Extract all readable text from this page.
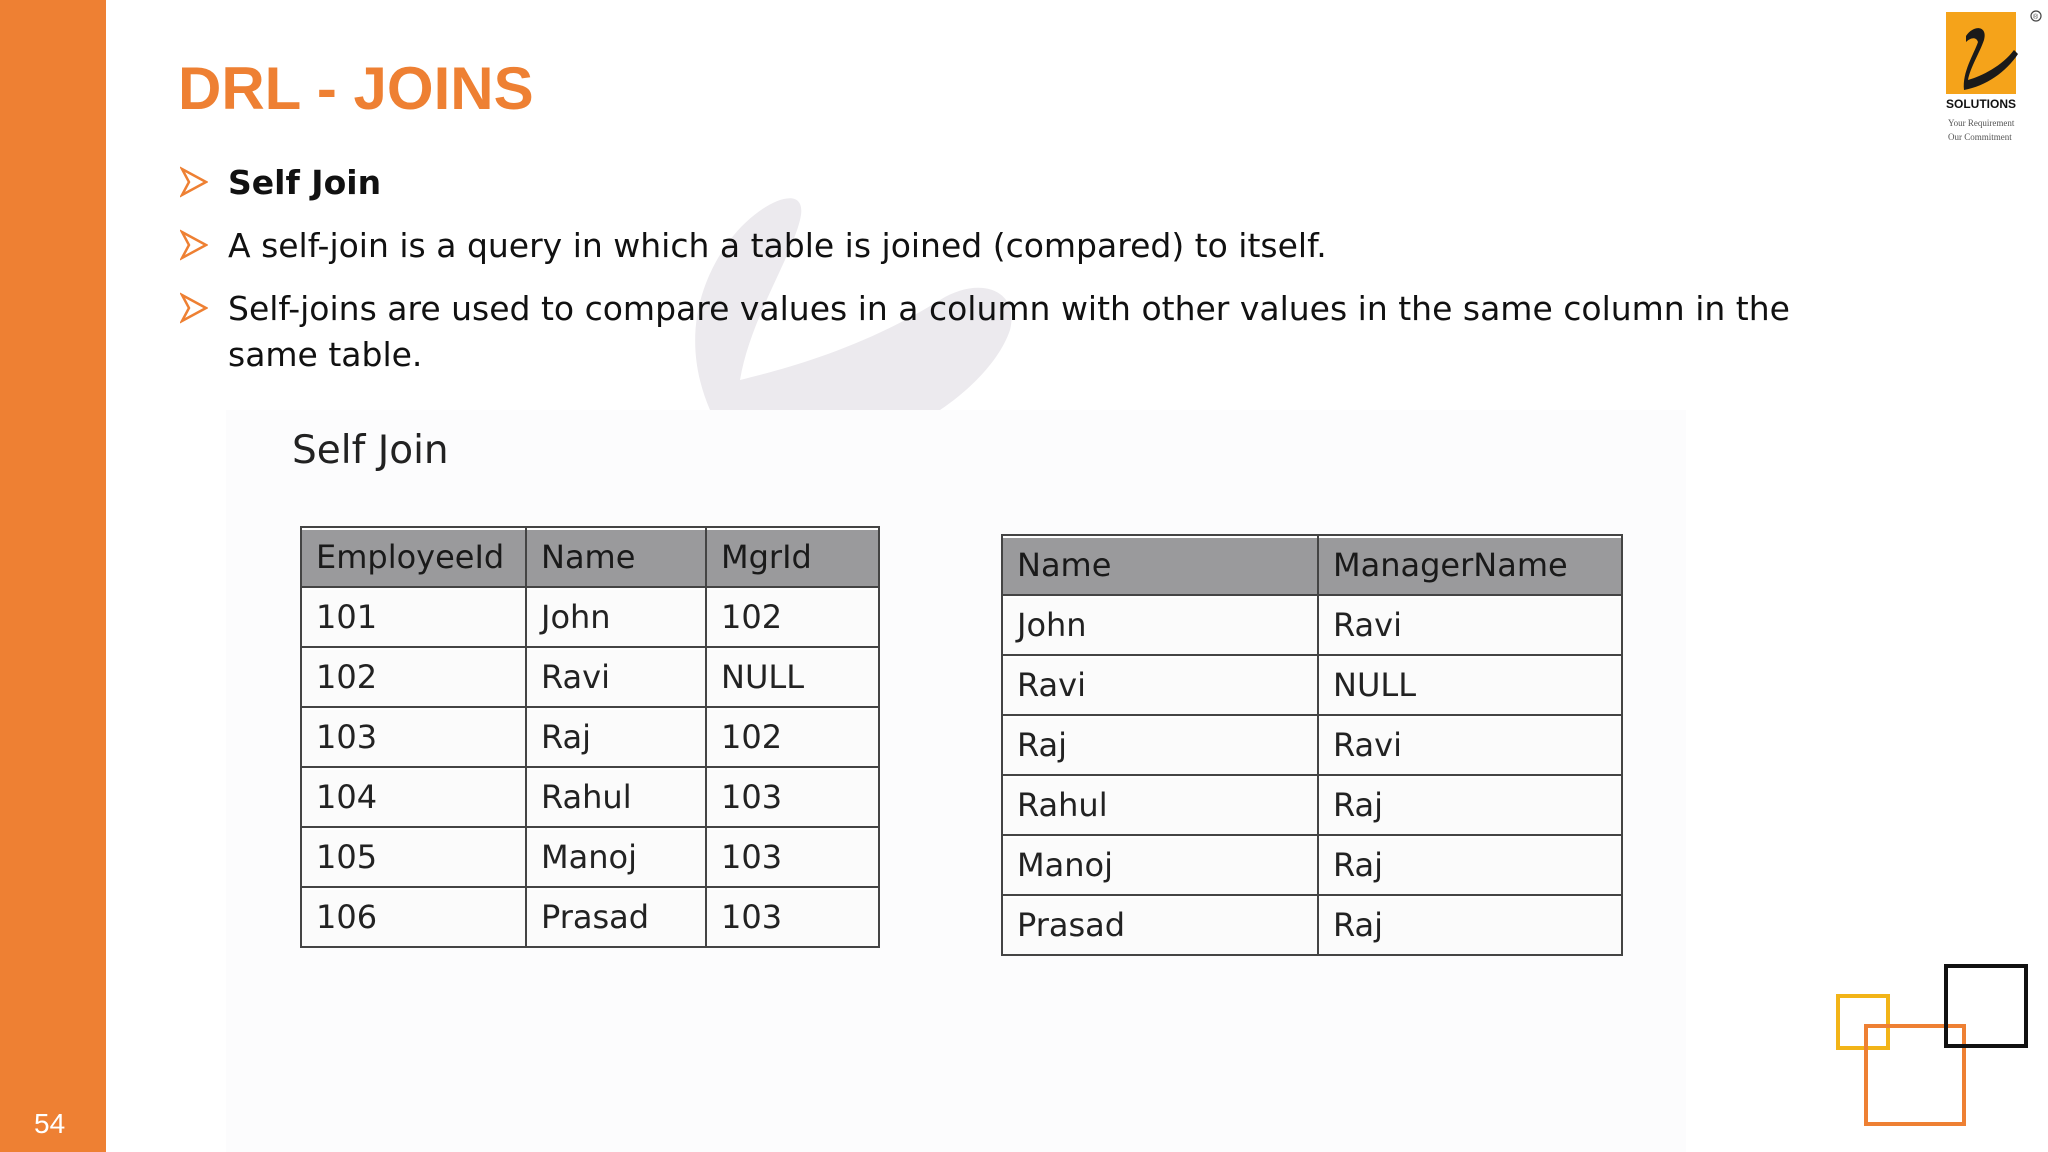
54
DRL - JOINS
®
SOLUTIONS
Your Requirement
Our Commitment
Self Join
A self-join is a query in which a table is joined (compared) to itself.
Self-joins are used to compare values in a column with other values in the same column in the same table.
Self Join
EmployeeId	Name	MgrId
101	John	102
102	Ravi	NULL
103	Raj	102
104	Rahul	103
105	Manoj	103
106	Prasad	103
Name	ManagerName
John	Ravi
Ravi	NULL
Raj	Ravi
Rahul	Raj
Manoj	Raj
Prasad	Raj
